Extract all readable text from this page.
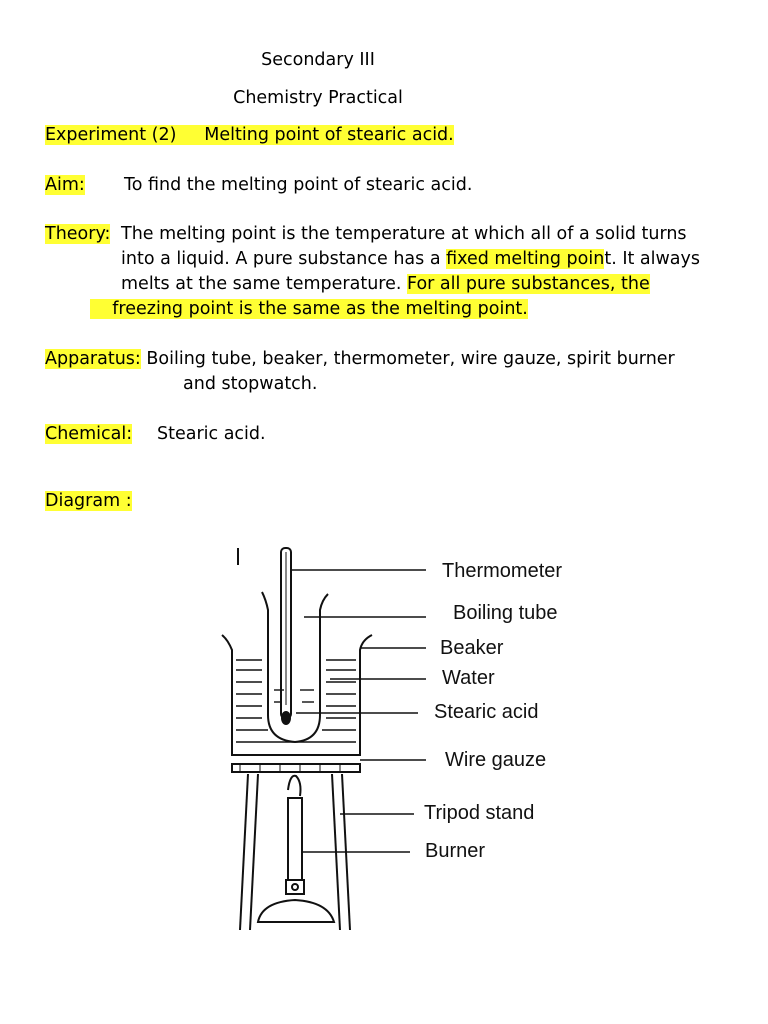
Secondary III
Chemistry Practical
Experiment (2) Melting point of stearic acid.
Aim: To find the melting point of stearic acid.
Theory: The melting point is the temperature at which all of a solid turns
into a liquid. A pure substance has a fixed melting point. It always
melts at the same temperature. For all pure substances, the
freezing point is the same as the melting point.
Apparatus: Boiling tube, beaker, thermometer, wire gauze, spirit burner
and stopwatch.
Chemical: Stearic acid.
Diagram :
Thermometer
Boiling tube
Beaker
Water
Stearic acid
Wire gauze
Tripod stand
Burner
